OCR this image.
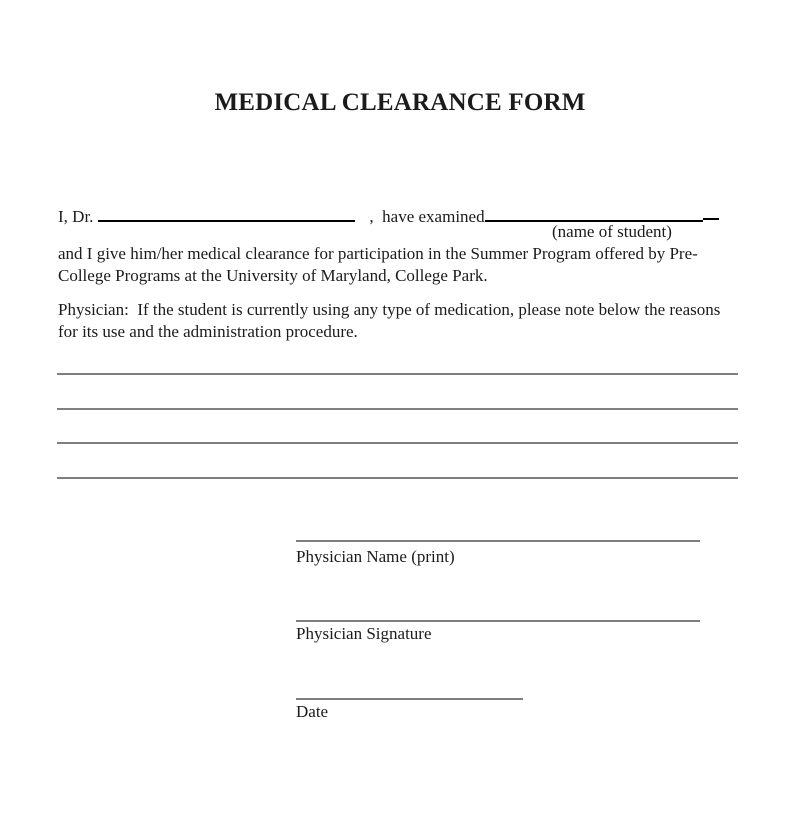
MEDICAL CLEARANCE FORM
I, Dr.	,  have examined
(name of student)
and I give him/her medical clearance for participation in the Summer Program offered by Pre-
College Programs at the University of Maryland, College Park.
Physician:  If the student is currently using any type of medication, please note below the reasons
for its use and the administration procedure.
Physician Name (print)
Physician Signature
Date
